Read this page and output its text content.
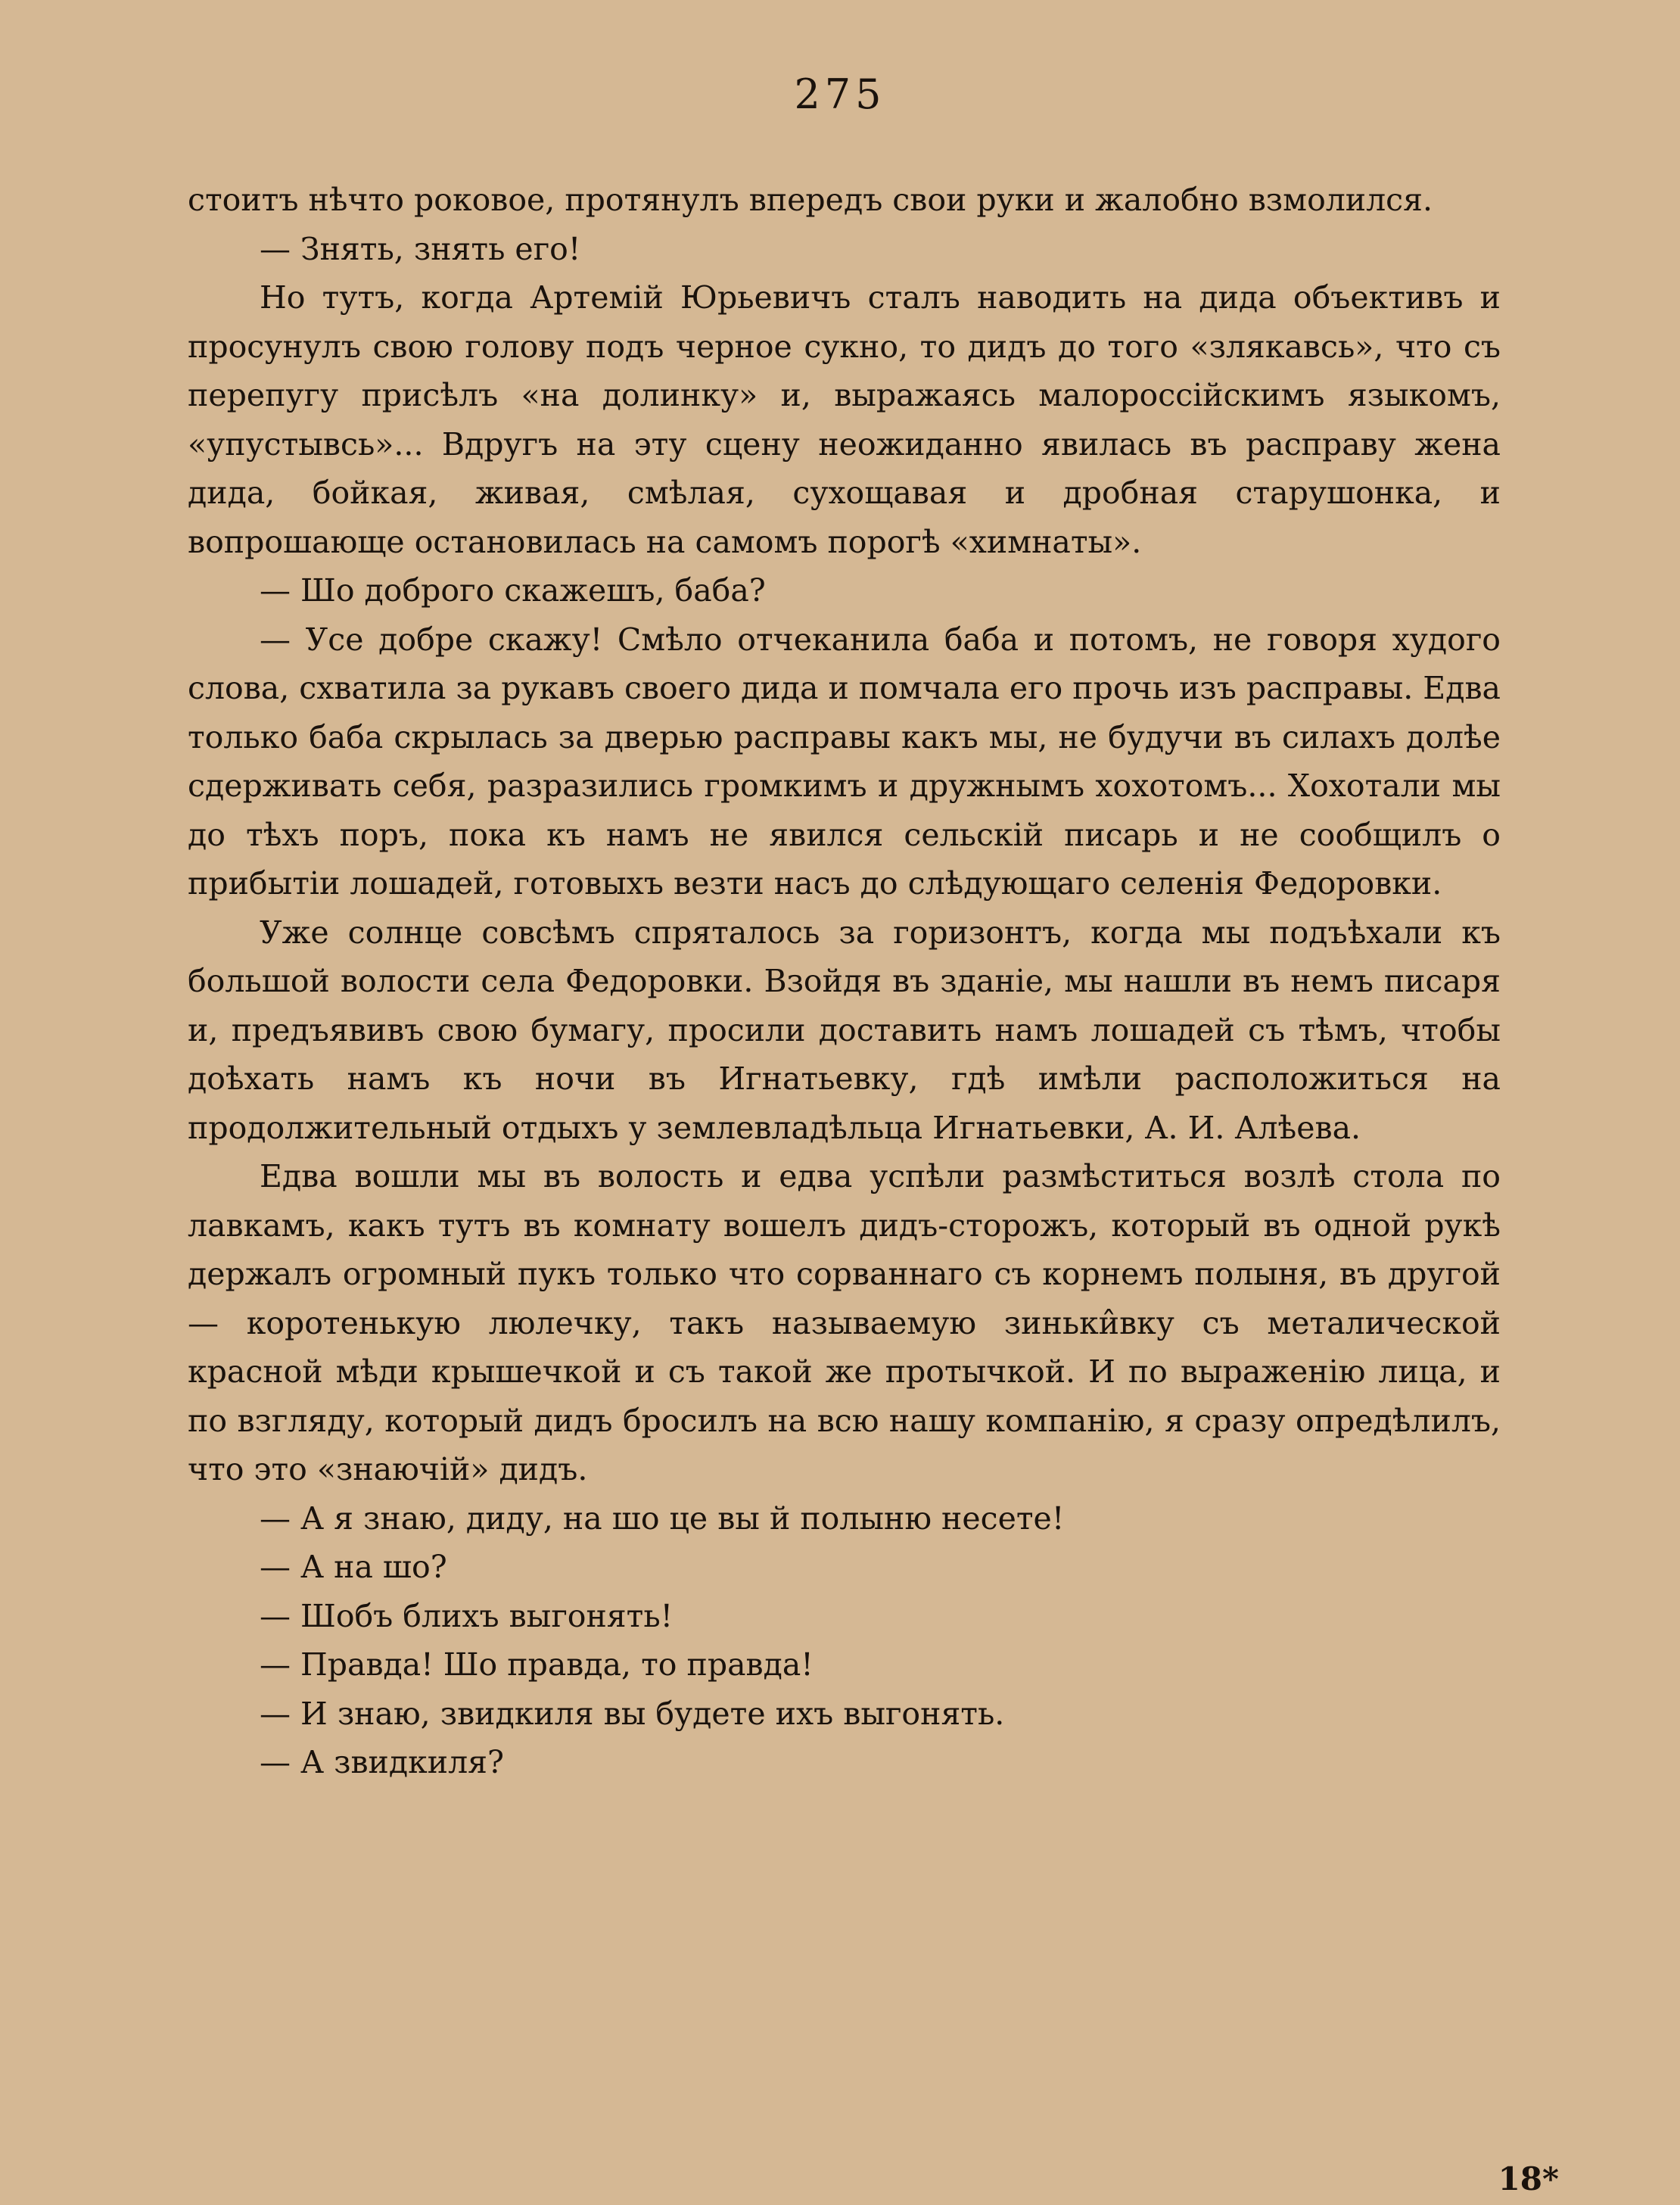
275

стоитъ нѣчто роковое, протянулъ впередъ свои руки и жалобно взмолился.

— Знять, знять его!

Но тутъ, когда Артемій Юрьевичъ сталъ наводить на дида объективъ и просунулъ свою голову подъ черное сукно, то дидъ до того «злякавсь», что съ перепугу присѣлъ «на долинку» и, выражаясь малороссійскимъ языкомъ, «упустывсь»... Вдругъ на эту сцену неожиданно явилась въ расправу жена дида, бойкая, живая, смѣлая, сухощавая и дробная старушонка, и вопрошающе остановилась на самомъ порогѣ «химнаты».

— Шо доброго скажешъ, баба?

— Усе добре скажу! Смѣло отчеканила баба и потомъ, не говоря худого слова, схватила за рукавъ своего дида и помчала его прочь изъ расправы. Едва только баба скрылась за дверью расправы какъ мы, не будучи въ силахъ долѣе сдерживать себя, разразились громкимъ и дружнымъ хохотомъ... Хохотали мы до тѣхъ поръ, пока къ намъ не явился сельскій писарь и не сообщилъ о прибытіи лошадей, готовыхъ везти насъ до слѣдующаго селенія Федоровки.

Уже солнце совсѣмъ спряталось за горизонтъ, когда мы подъѣхали къ большой волости села Федоровки. Взойдя въ зданіе, мы нашли въ немъ писаря и, предъявивъ свою бумагу, просили доставить намъ лошадей съ тѣмъ, чтобы доѣхать намъ къ ночи въ Игнатьевку, гдѣ имѣли расположиться на продолжительный отдыхъ у землевладѣльца Игнатьевки, А. И. Алѣева.

Едва вошли мы въ волость и едва успѣли размѣститься возлѣ стола по лавкамъ, какъ тутъ въ комнату вошелъ дидъ-сторожъ, который въ одной рукѣ держалъ огромный пукъ только что сорваннаго съ корнемъ полыня, въ другой — коротенькую люлечку, такъ называемую зиньки̂вку съ металической красной мѣди крышечкой и съ такой же протычкой. И по выраженію лица, и по взгляду, который дидъ бросилъ на всю нашу компанію, я сразу опредѣлилъ, что это «знаючій» дидъ.

— А я знаю, диду, на шо це вы й полыню несете!

— А на шо?

— Шобъ блихъ выгонять!

— Правда! Шо правда, то правда!

— И знаю, звидкиля вы будете ихъ выгонять.

— А звидкиля?

18*
